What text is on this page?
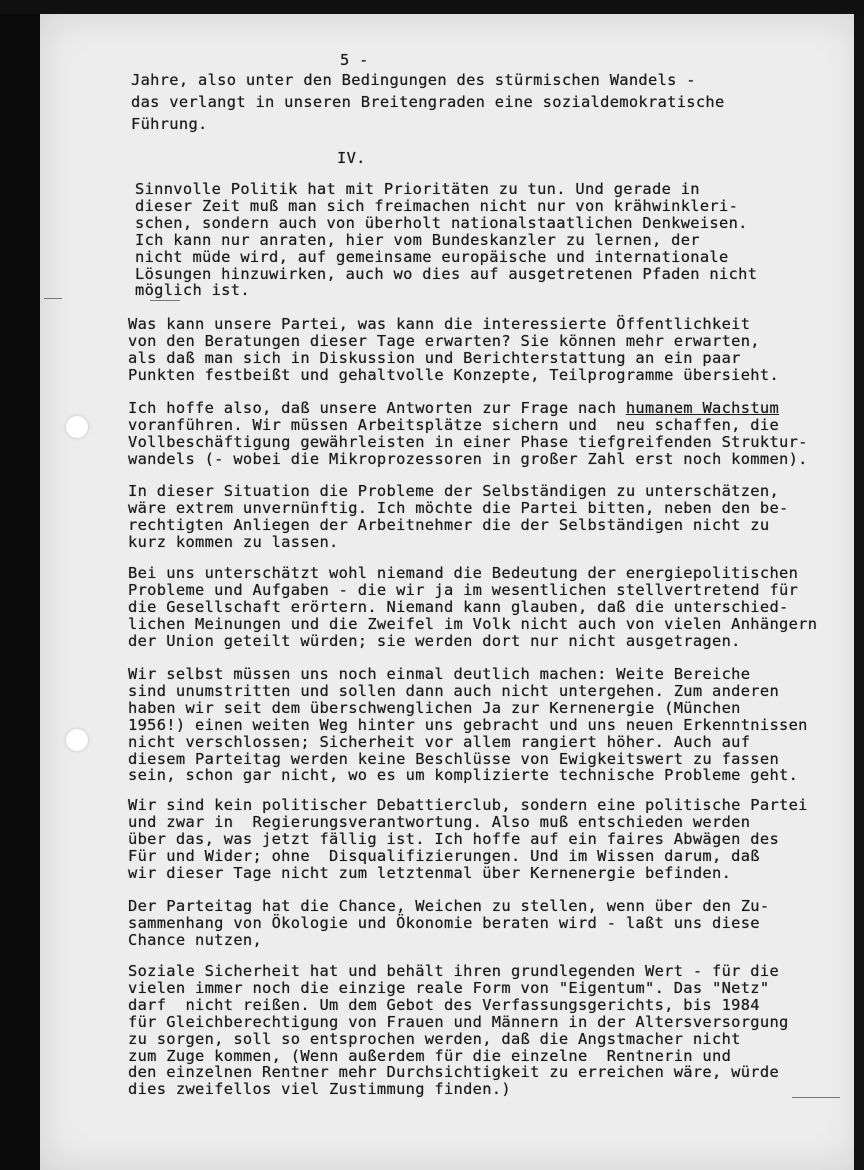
5 -

Jahre, also unter den Bedingungen des stürmischen Wandels -
das verlangt in unseren Breitengraden eine sozialdemokratische
Führung.

IV.

Sinnvolle Politik hat mit Prioritäten zu tun. Und gerade in
dieser Zeit muß man sich freimachen nicht nur von krähwinkleri-
schen, sondern auch von überholt nationalstaatlichen Denkweisen.
Ich kann nur anraten, hier vom Bundeskanzler zu lernen, der
nicht müde wird, auf gemeinsame europäische und internationale
Lösungen hinzuwirken, auch wo dies auf ausgetretenen Pfaden nicht
möglich ist.

Was kann unsere Partei, was kann die interessierte Öffentlichkeit
von den Beratungen dieser Tage erwarten? Sie können mehr erwarten,
als daß man sich in Diskussion und Berichterstattung an ein paar
Punkten festbeißt und gehaltvolle Konzepte, Teilprogramme übersieht.

Ich hoffe also, daß unsere Antworten zur Frage nach humanem Wachstum
voranführen. Wir müssen Arbeitsplätze sichern und  neu schaffen, die
Vollbeschäftigung gewährleisten in einer Phase tiefgreifenden Struktur-
wandels (- wobei die Mikroprozessoren in großer Zahl erst noch kommen).

In dieser Situation die Probleme der Selbständigen zu unterschätzen,
wäre extrem unvernünftig. Ich möchte die Partei bitten, neben den be-
rechtigten Anliegen der Arbeitnehmer die der Selbständigen nicht zu
kurz kommen zu lassen.

Bei uns unterschätzt wohl niemand die Bedeutung der energiepolitischen
Probleme und Aufgaben - die wir ja im wesentlichen stellvertretend für
die Gesellschaft erörtern. Niemand kann glauben, daß die unterschied-
lichen Meinungen und die Zweifel im Volk nicht auch von vielen Anhängern
der Union geteilt würden; sie werden dort nur nicht ausgetragen.

Wir selbst müssen uns noch einmal deutlich machen: Weite Bereiche
sind unumstritten und sollen dann auch nicht untergehen. Zum anderen
haben wir seit dem überschwenglichen Ja zur Kernenergie (München
1956!) einen weiten Weg hinter uns gebracht und uns neuen Erkenntnissen
nicht verschlossen; Sicherheit vor allem rangiert höher. Auch auf
diesem Parteitag werden keine Beschlüsse von Ewigkeitswert zu fassen
sein, schon gar nicht, wo es um komplizierte technische Probleme geht.

Wir sind kein politischer Debattierclub, sondern eine politische Partei
und zwar in  Regierungsverantwortung. Also muß entschieden werden
über das, was jetzt fällig ist. Ich hoffe auf ein faires Abwägen des
Für und Wider; ohne  Disqualifizierungen. Und im Wissen darum, daß
wir dieser Tage nicht zum letztenmal über Kernenergie befinden.

Der Parteitag hat die Chance, Weichen zu stellen, wenn über den Zu-
sammenhang von Ökologie und Ökonomie beraten wird - laßt uns diese
Chance nutzen,

Soziale Sicherheit hat und behält ihren grundlegenden Wert - für die
vielen immer noch die einzige reale Form von "Eigentum". Das "Netz"
darf  nicht reißen. Um dem Gebot des Verfassungsgerichts, bis 1984
für Gleichberechtigung von Frauen und Männern in der Altersversorgung
zu sorgen, soll so entsprochen werden, daß die Angstmacher nicht
zum Zuge kommen, (Wenn außerdem für die einzelne  Rentnerin und
den einzelnen Rentner mehr Durchsichtigkeit zu erreichen wäre, würde
dies zweifellos viel Zustimmung finden.)
